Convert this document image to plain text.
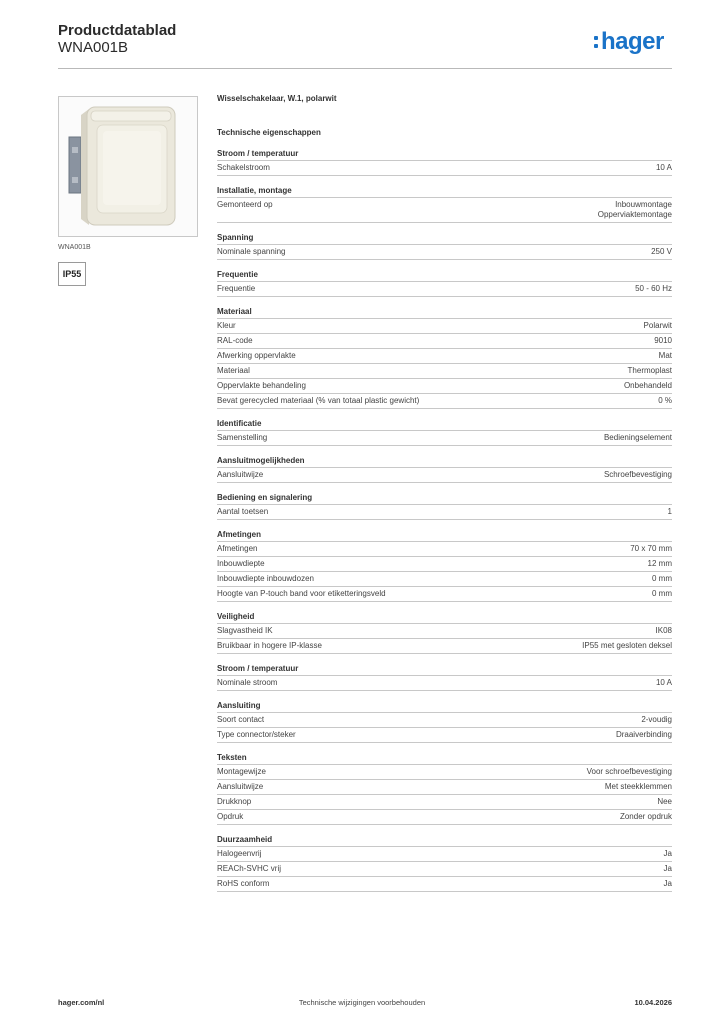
Productdatablad
WNA001B	hager
WNA001B
IP55
Wisselschakelaar, W.1, polarwit
Technische eigenschappen
Stroom / temperatuur
Schakelstroom	10 A
Installatie, montage
Gemonteerd op	Inbouwmontage
Opperviaktemontage
Spanning
Nominale spanning	250 V
Frequentie
Frequentie	50 - 60 Hz
Materiaal
Kleur	Polarwit
RAL-code	9010
Afwerking oppervlakte	Mat
Materiaal	Thermoplast
Oppervlakte behandeling	Onbehandeld
Bevat gerecycled materiaal (% van totaal plastic gewicht)	0 %
Identificatie
Samenstelling	Bedieningselement
Aansluitmogelijkheden
Aansluitwijze	Schroefbevestiging
Bediening en signalering
Aantal toetsen	1
Afmetingen
Afmetingen	70 x 70 mm
Inbouwdiepte	12 mm
Inbouwdiepte inbouwdozen	0 mm
Hoogte van P-touch band voor etiketteringsveld	0 mm
Veiligheid
Slagvastheid IK	IK08
Bruikbaar in hogere IP-klasse	IP55 met gesloten deksel
Stroom / temperatuur
Nominale stroom	10 A
Aansluiting
Soort contact	2-voudig
Type connector/steker	Draaiverbinding
Teksten
Montagewijze	Voor schroefbevestiging
Aansluitwijze	Met steekklemmen
Drukknop	Nee
Opdruk	Zonder opdruk
Duurzaamheid
Halogeenvrij	Ja
REACh-SVHC vrij	Ja
RoHS conform	Ja
hager.com/nl	Technische wijzigingen voorbehouden	10.04.2026
